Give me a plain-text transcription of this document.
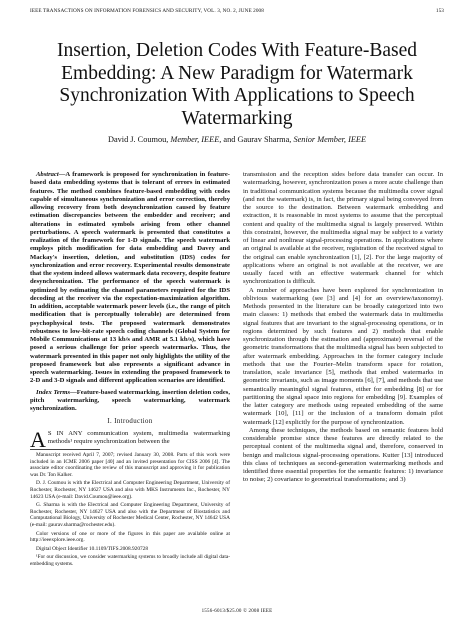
IEEE TRANSACTIONS ON INFORMATION FORENSICS AND SECURITY, VOL. 3, NO. 2, JUNE 2008	153
Insertion, Deletion Codes With Feature-Based Embedding: A New Paradigm for Watermark Synchronization With Applications to Speech Watermarking
David J. Coumou, Member, IEEE, and Gaurav Sharma, Senior Member, IEEE

Abstract—A framework is proposed for synchronization in feature-based data embedding systems that is tolerant of errors in estimated features. The method combines feature-based embedding with codes capable of simultaneous synchronization and error correction, thereby allowing recovery from both desynchronization caused by feature estimation discrepancies between the embedder and receiver; and alterations in estimated symbols arising from other channel perturbations. A speech watermark is presented that constitutes a realization of the framework for 1-D signals. The speech watermark employs pitch modification for data embedding and Davey and Mackay's insertion, deletion, and substitution (IDS) codes for synchronization and error recovery. Experimental results demonstrate that the system indeed allows watermark data recovery, despite feature desynchronization. The performance of the speech watermark is optimized by estimating the channel parameters required for the IDS decoding at the receiver via the expectation-maximization algorithm. In addition, acceptable watermark power levels (i.e., the range of pitch modification that is perceptually tolerable) are determined from psychophysical tests. The proposed watermark demonstrates robustness to low-bit-rate speech coding channels (Global System for Mobile Communications at 13 kb/s and AMR at 5.1 kb/s), which have posed a serious challenge for prior speech watermarks. Thus, the watermark presented in this paper not only highlights the utility of the proposed framework but also represents a significant advance in speech watermarking. Issues in extending the proposed framework to 2-D and 3-D signals and different application scenarios are identified.

Index Terms—Feature-based watermarking, insertion deletion codes, pitch watermarking, speech watermarking, watermark synchronization.

I. Introduction

A S IN ANY communication system, multimedia watermarking methods¹ require synchronization between the

Manuscript received April 7, 2007; revised January 30, 2008. Parts of this work were included in an ICME 2006 paper [40] and an invited presentation for CISS 2006 [4]. The associate editor coordinating the review of this manuscript and approving it for publication was Dr. Ton Kalker.

D. J. Coumou is with the Electrical and Computer Engineering Department, University of Rochester, Rochester, NY 14627 USA and also with MKS Instruments Inc., Rochester, NY 14623 USA (e-mail: David.Coumou@ieee.org).

G. Sharma is with the Electrical and Computer Engineering Department, University of Rochester, Rochester, NY 14627 USA and also with the Department of Biostatistics and Computational Biology, University of Rochester Medical Center, Rochester, NY 14642 USA (e-mail: gaurav.sharma@rochester.edu).

Color versions of one or more of the figures in this paper are available online at http://ieeexplore.ieee.org.

Digital Object Identifier 10.1109/TIFS.2008.920728

¹For our discussion, we consider watermarking systems to broadly include all digital data-embedding systems.

transmission and the reception sides before data transfer can occur. In watermarking, however, synchronization poses a more acute challenge than in traditional communication systems because the multimedia cover signal (and not the watermark) is, in fact, the primary signal being conveyed from the source to the destination. Between watermark embedding and extraction, it is reasonable in most systems to assume that the perceptual content and quality of the multimedia signal is largely preserved. Within this constraint, however, the multimedia signal may be subject to a variety of linear and nonlinear signal-processing operations. In applications where an original is available at the receiver, registration of the received signal to the original can enable synchronization [1], [2]. For the large majority of applications where an original is not available at the receiver, we are usually faced with an effective watermark channel for which synchronization is difficult.

A number of approaches have been explored for synchronization in oblivious watermarking (see [3] and [4] for an overview/taxonomy). Methods presented in the literature can be broadly categorized into two main classes: 1) methods that embed the watermark data in multimedia signal features that are invariant to the signal-processing operations, or in regions determined by such features and 2) methods that enable synchronization through the estimation and (approximate) reversal of the geometric transformations that the multimedia signal has been subjected to after watermark embedding. Approaches in the former category include methods that use the Fourier–Melin transform space for rotation, translation, scale invariance [5], methods that embed watermarks in geometric invariants, such as image moments [6], [7], and methods that use semantically meaningful signal features, either for embedding [8] or for partitioning the signal space into regions for embedding [9]. Examples of the latter category are methods using repeated embedding of the same watermark [10], [11] or the inclusion of a transform domain pilot watermark [12] explicitly for the purpose of synchronization.

Among these techniques, the methods based on semantic features hold considerable promise since these features are directly related to the perceptual content of the multimedia signal and, therefore, conserved in benign and malicious signal-processing operations. Kutter [13] introduced this class of techniques as second-generation watermarking methods and identified three essential properties for the semantic features: 1) invariance to noise; 2) covariance to geometrical transformations; and 3)

1556-6013/$25.00 © 2008 IEEE
